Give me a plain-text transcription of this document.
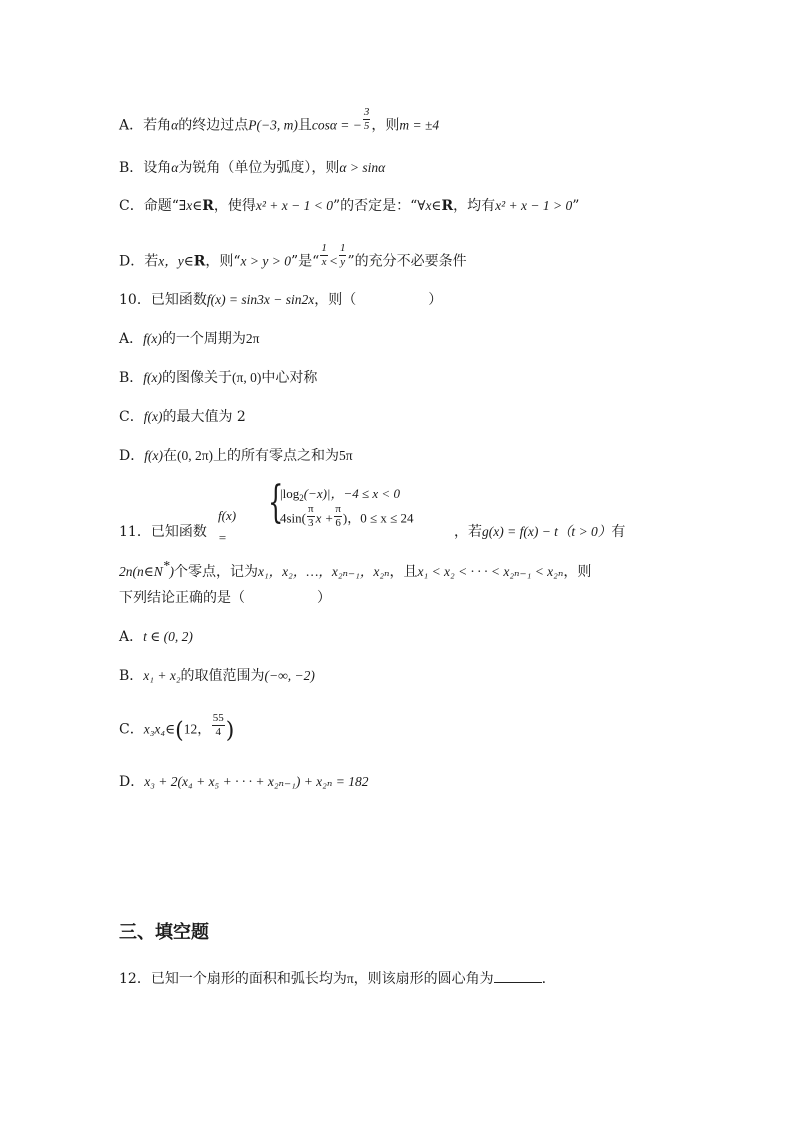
A．若角α的终边过点P(−3, m)且cosα = − $\frac{3}{5}$ ，则m = ±4
B．设角α为锐角（单位为弧度），则α > sinα
C．命题“∃x∈R，使得x² + x − 1 < 0”的否定是：“∀x∈R，均有x² + x − 1 > 0”
D．若x，y∈R，则“x > y > 0”是“ $\frac{1}{x} < \frac{1}{y}$ ”的充分不必要条件
10．已知函数f(x) = sin3x − sin2x，则（	）
A．f(x)的一个周期为2π
B．f(x)的图像关于(π, 0)中心对称
C．f(x)的最大值为 2
D．f(x)在(0, 2π)上的所有零点之和为5π
f(x) =
{
$|\log_2(-x)|$，−4 ≤ x < 0
$4\sin( \frac{\pi}{3}$ $x + \frac{\pi}{6}$ )，0 ≤ x ≤ 24
11．已知函数	，若g(x) = f(x) − t（t > 0）有
2n(n∈N*)个零点，记为x₁，x₂，…，x₂ₙ₋₁，x₂ₙ，且x₁ < x₂ < · · · < x₂ₙ₋₁ < x₂ₙ，则
下列结论正确的是（	）
A．t ∈ (0, 2)
B．x₁ + x₂的取值范围为(−∞, −2)
C．x₃x₄∈(12， $\frac{55}{4}$ )
D．x₃ + 2(x₄ + x₅ + · · · + x₂ₙ₋₁) + x₂ₙ = 182
三、填空题
12．已知一个扇形的面积和弧长均为π，则该扇形的圆心角为	.
